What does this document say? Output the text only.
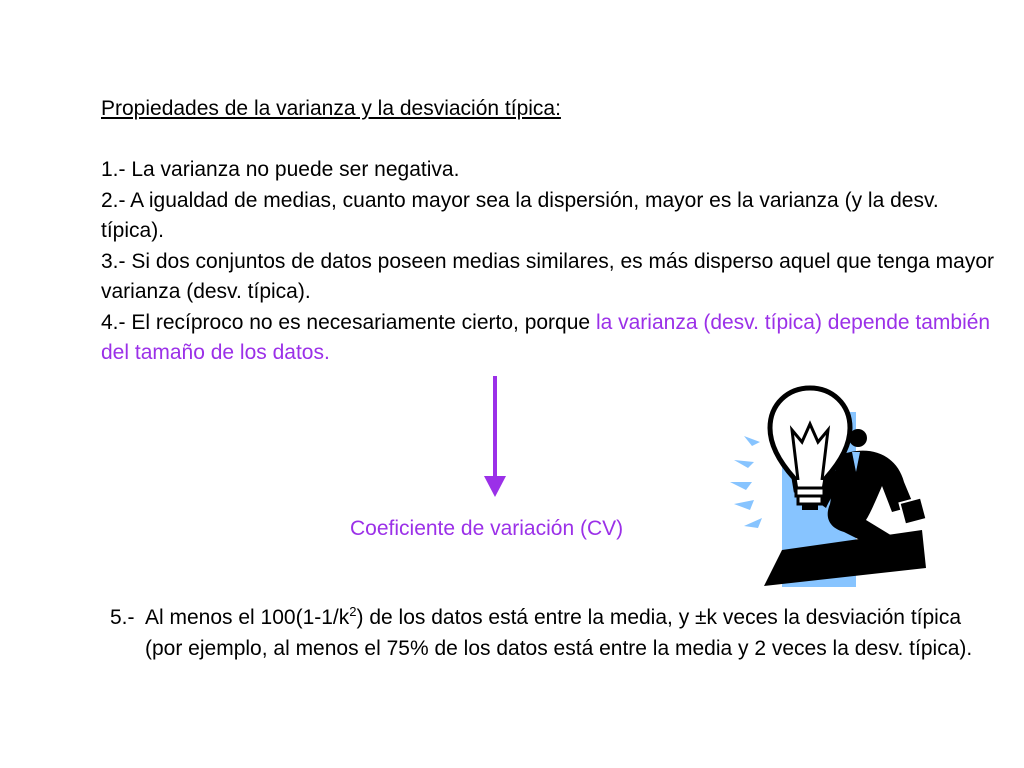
Propiedades de la varianza y la desviación típica:
1.- La varianza no puede ser negativa.
2.- A igualdad de medias, cuanto mayor sea la dispersión, mayor es la varianza (y la desv. típica).
3.- Si dos conjuntos de datos poseen medias similares, es más disperso aquel que tenga mayor varianza (desv. típica).
4.- El recíproco no es necesariamente cierto, porque la varianza (desv. típica) depende también del tamaño de los datos.
Coeficiente de variación (CV)
5.- Al menos el $100(1-1/k^2)$ de los datos está entre la media, y ±k veces la desviación típica (por ejemplo, al menos el 75% de los datos está entre la media y 2 veces la desv. típica).
